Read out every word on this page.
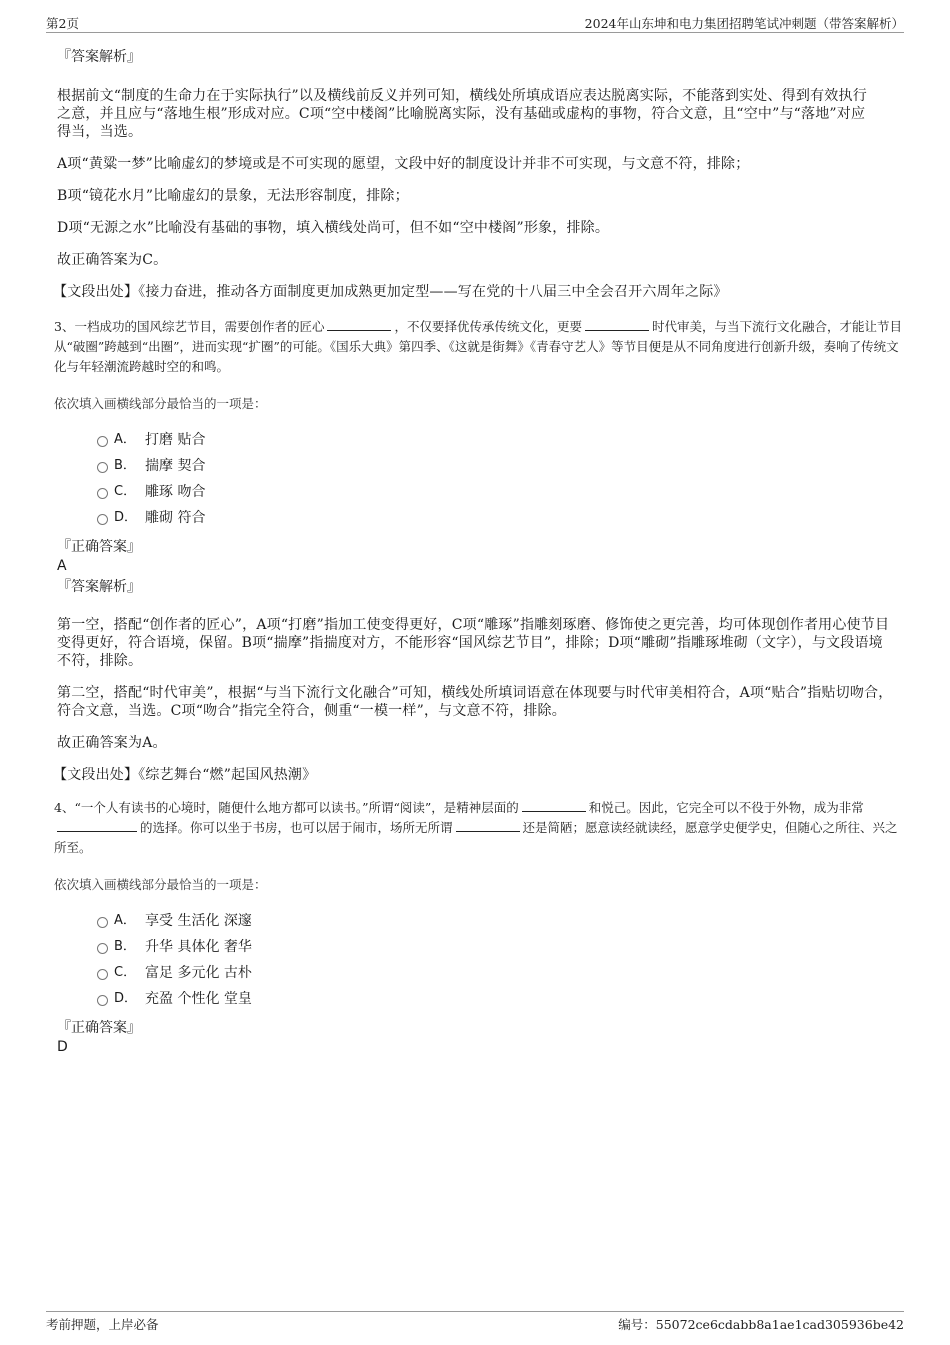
第2页	2024年山东坤和电力集团招聘笔试冲刺题（带答案解析）

『答案解析』

根据前文“制度的生命力在于实际执行”以及横线前反义并列可知，横线处所填成语应表达脱离实际，不能落到实处、得到有效执行之意，并且应与“落地生根”形成对应。C项“空中楼阁”比喻脱离实际，没有基础或虚构的事物，符合文意，且“空中”与“落地”对应得当，当选。

A项“黄粱一梦”比喻虚幻的梦境或是不可实现的愿望，文段中好的制度设计并非不可实现，与文意不符，排除；

B项“镜花水月”比喻虚幻的景象，无法形容制度，排除；

D项“无源之水”比喻没有基础的事物，填入横线处尚可，但不如“空中楼阁”形象，排除。

故正确答案为C。

【文段出处】《接力奋进，推动各方面制度更加成熟更加定型——写在党的十八届三中全会召开六周年之际》

3、一档成功的国风综艺节目，需要创作者的匠心	，不仅要择优传承传统文化，更要	时代审美，与当下流行文化融合，才能让节目从“破圈”跨越到“出圈”，进而实现“扩圈”的可能。《国乐大典》第四季、《这就是街舞》《青春守艺人》等节目便是从不同角度进行创新升级，奏响了传统文化与年轻潮流跨越时空的和鸣。

依次填入画横线部分最恰当的一项是：

A． 打磨 贴合
B． 揣摩 契合
C． 雕琢 吻合
D． 雕砌 符合

『正确答案』

A

『答案解析』

第一空，搭配“创作者的匠心”，A项“打磨”指加工使变得更好，C项“雕琢”指雕刻琢磨、修饰使之更完善，均可体现创作者用心使节目变得更好，符合语境，保留。B项“揣摩”指揣度对方，不能形容“国风综艺节目”，排除；D项“雕砌”指雕琢堆砌（文字），与文段语境不符，排除。

第二空，搭配“时代审美”，根据“与当下流行文化融合”可知，横线处所填词语意在体现要与时代审美相符合，A项“贴合”指贴切吻合，符合文意，当选。C项“吻合”指完全符合，侧重“一模一样”，与文意不符，排除。

故正确答案为A。

【文段出处】《综艺舞台“燃”起国风热潮》

4、“一个人有读书的心境时，随便什么地方都可以读书。”所谓“阅读”，是精神层面的	和悦己。因此，它完全可以不役于外物，成为非常的选择。你可以坐于书房，也可以居于闹市，场所无所谓	还是简陋；愿意读经就读经，愿意学史便学史，但随心之所往、兴之所至。

依次填入画横线部分最恰当的一项是：

A． 享受 生活化 深邃
B． 升华 具体化 奢华
C． 富足 多元化 古朴
D． 充盈 个性化 堂皇

『正确答案』

D

考前押题，上岸必备	编号：55072ce6cdabb8a1ae1cad305936be42
